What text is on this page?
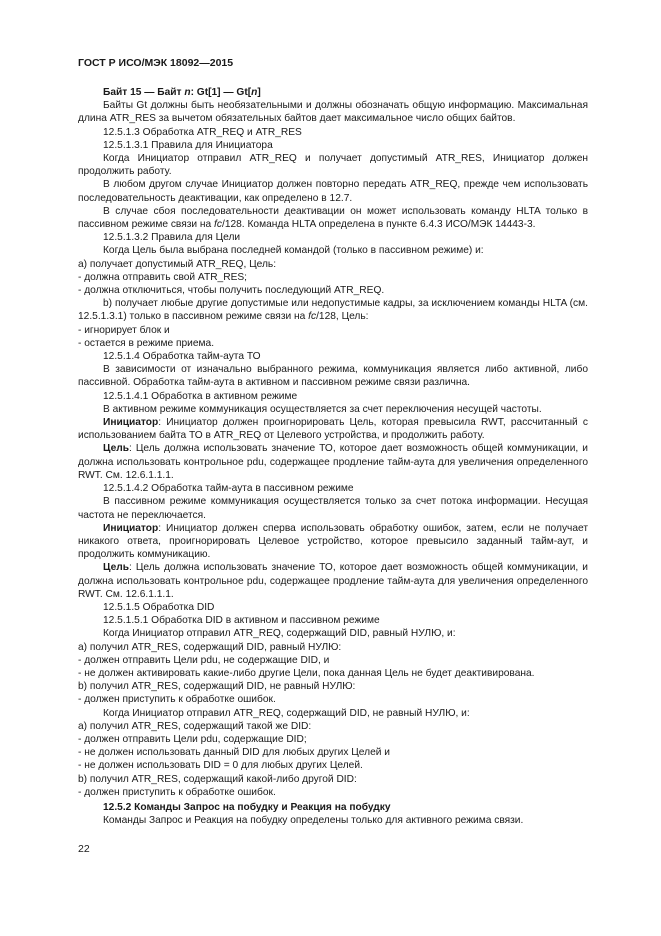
ГОСТ Р ИСО/МЭК 18092—2015

Байт 15 — Байт n: Gt[1] — Gt[n]

Байты Gt должны быть необязательными и должны обозначать общую информацию. Максимальная длина ATR_RES за вычетом обязательных байтов дает максимальное число общих байтов.

12.5.1.3 Обработка ATR_REQ и ATR_RES

12.5.1.3.1 Правила для Инициатора

Когда Инициатор отправил ATR_REQ и получает допустимый ATR_RES, Инициатор должен продолжить работу.

В любом другом случае Инициатор должен повторно передать ATR_REQ, прежде чем использовать последовательность деактивации, как определено в 12.7.

В случае сбоя последовательности деактивации он может использовать команду HLTA только в пассивном режиме связи на fc/128. Команда HLTA определена в пункте 6.4.3 ИСО/МЭК 14443-3.

12.5.1.3.2 Правила для Цели

Когда Цель была выбрана последней командой (только в пассивном режиме) и:

а) получает допустимый ATR_REQ, Цель:

- должна отправить свой ATR_RES;

- должна отключиться, чтобы получить последующий ATR_REQ.

b) получает любые другие допустимые или недопустимые кадры, за исключением команды HLTA (см. 12.5.1.3.1) только в пассивном режиме связи на fc/128, Цель:

- игнорирует блок и

- остается в режиме приема.

12.5.1.4 Обработка тайм-аута ТО

В зависимости от изначально выбранного режима, коммуникация является либо активной, либо пассивной. Обработка тайм-аута в активном и пассивном режиме связи различна.

12.5.1.4.1 Обработка в активном режиме

В активном режиме коммуникация осуществляется за счет переключения несущей частоты.

Инициатор: Инициатор должен проигнорировать Цель, которая превысила RWT, рассчитанный с использованием байта ТО в ATR_REQ от Целевого устройства, и продолжить работу.

Цель: Цель должна использовать значение ТО, которое дает возможность общей коммуникации, и должна использовать контрольное pdu, содержащее продление тайм-аута для увеличения определенного RWT. См. 12.6.1.1.1.

12.5.1.4.2 Обработка тайм-аута в пассивном режиме

В пассивном режиме коммуникация осуществляется только за счет потока информации. Несущая частота не переключается.

Инициатор: Инициатор должен сперва использовать обработку ошибок, затем, если не получает никакого ответа, проигнорировать Целевое устройство, которое превысило заданный тайм-аут, и продолжить коммуникацию.

Цель: Цель должна использовать значение ТО, которое дает возможность общей коммуникации, и должна использовать контрольное pdu, содержащее продление тайм-аута для увеличения определенного RWT. См. 12.6.1.1.1.

12.5.1.5 Обработка DID

12.5.1.5.1 Обработка DID в активном и пассивном режиме

Когда Инициатор отправил ATR_REQ, содержащий DID, равный НУЛЮ, и:

а) получил ATR_RES, содержащий DID, равный НУЛЮ:

- должен отправить Цели pdu, не содержащие DID, и

- не должен активировать какие-либо другие Цели, пока данная Цель не будет деактивирована.

b) получил ATR_RES, содержащий DID, не равный НУЛЮ:

- должен приступить к обработке ошибок.

Когда Инициатор отправил ATR_REQ, содержащий DID, не равный НУЛЮ, и:

а) получил ATR_RES, содержащий такой же DID:

- должен отправить Цели pdu, содержащие DID;

- не должен использовать данный DID для любых других Целей и

- не должен использовать DID = 0 для любых других Целей.

b) получил ATR_RES, содержащий какой-либо другой DID:

- должен приступить к обработке ошибок.

12.5.2 Команды Запрос на побудку и Реакция на побудку

Команды Запрос и Реакция на побудку определены только для активного режима связи.

22
